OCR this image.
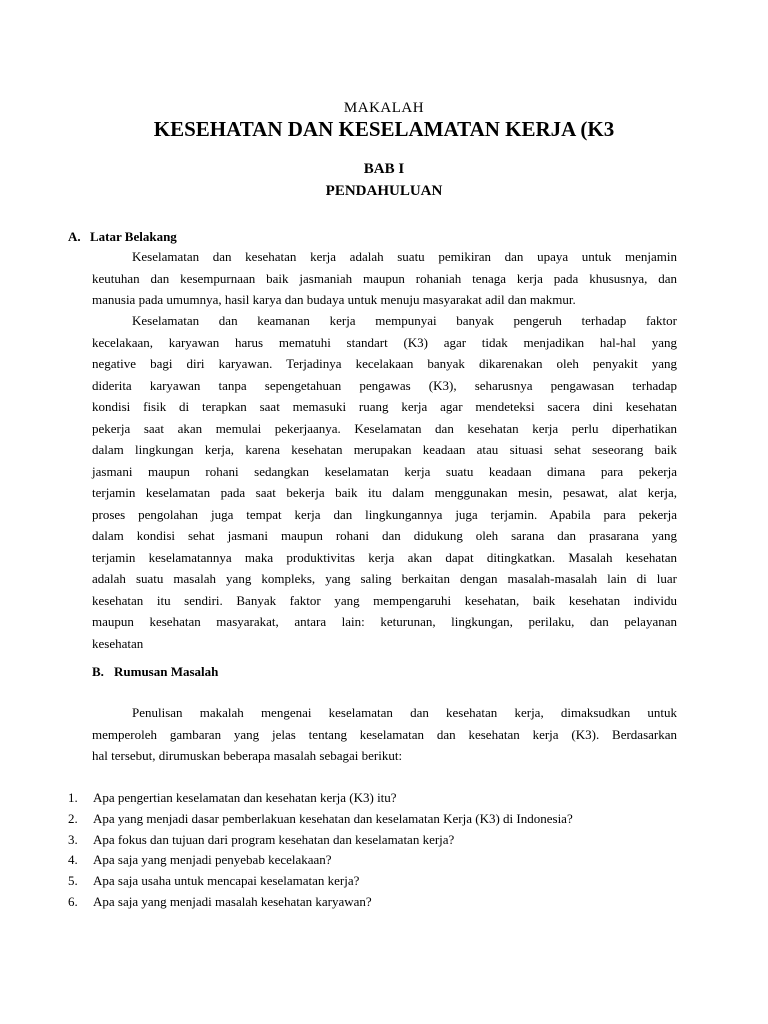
MAKALAH
KESEHATAN DAN KESELAMATAN KERJA (K3
BAB I
PENDAHULUAN
A. Latar Belakang
Keselamatan dan kesehatan kerja adalah suatu pemikiran dan upaya untuk menjamin
keutuhan dan kesempurnaan baik jasmaniah maupun rohaniah tenaga kerja pada khususnya, dan
manusia pada umumnya, hasil karya dan budaya untuk menuju masyarakat adil dan makmur.
Keselamatan dan keamanan kerja mempunyai banyak pengeruh terhadap faktor
kecelakaan, karyawan harus mematuhi standart (K3) agar tidak menjadikan hal-hal yang
negative bagi diri karyawan. Terjadinya kecelakaan banyak dikarenakan oleh penyakit yang
diderita karyawan tanpa sepengetahuan pengawas (K3), seharusnya pengawasan terhadap
kondisi fisik di terapkan saat memasuki ruang kerja agar mendeteksi sacera dini kesehatan
pekerja saat akan memulai pekerjaanya. Keselamatan dan kesehatan kerja perlu diperhatikan
dalam lingkungan kerja, karena kesehatan merupakan keadaan atau situasi sehat seseorang baik
jasmani maupun rohani sedangkan keselamatan kerja suatu keadaan dimana para pekerja
terjamin keselamatan pada saat bekerja baik itu dalam menggunakan mesin, pesawat, alat kerja,
proses pengolahan juga tempat kerja dan lingkungannya juga terjamin. Apabila para pekerja
dalam kondisi sehat jasmani maupun rohani dan didukung oleh sarana dan prasarana yang
terjamin keselamatannya maka produktivitas kerja akan dapat ditingkatkan. Masalah kesehatan
adalah suatu masalah yang kompleks, yang saling berkaitan dengan masalah-masalah lain di luar
kesehatan itu sendiri. Banyak faktor yang mempengaruhi kesehatan, baik kesehatan individu
maupun kesehatan masyarakat, antara lain: keturunan, lingkungan, perilaku, dan pelayanan
kesehatan
B. Rumusan Masalah
Penulisan makalah mengenai keselamatan dan kesehatan kerja, dimaksudkan untuk
memperoleh gambaran yang jelas tentang keselamatan dan kesehatan kerja (K3). Berdasarkan
hal tersebut, dirumuskan beberapa masalah sebagai berikut:
1. Apa pengertian keselamatan dan kesehatan kerja (K3) itu?
2. Apa yang menjadi dasar pemberlakuan kesehatan dan keselamatan Kerja (K3) di Indonesia?
3. Apa fokus dan tujuan dari program kesehatan dan keselamatan kerja?
4. Apa saja yang menjadi penyebab kecelakaan?
5. Apa saja usaha untuk mencapai keselamatan kerja?
6. Apa saja yang menjadi masalah kesehatan karyawan?
